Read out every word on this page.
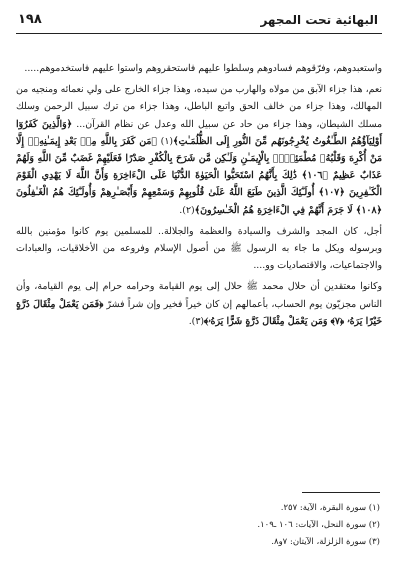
البهائية تحت المجهر
١٩٨

واستعبدوهم، وفرّقوهم فسادوهم وسلطوا عليهم فاستحقروهم واستوا عليهم فاستخدموهم.....

نعم، هذا جزاء الآبق من مولاه والهارب من سيده، وهذا جزاء الخارج على ولي نعمائه ومنجيه من المهالك، وهذا جزاء من خالف الحق واتبع الباطل، وهذا جزاء من ترك سبيل الرحمن وسلك مسلك الشيطان، وهذا جزاء من حاد عن سبيل الله وعدل عن نظام القرآن... ﴿وَالَّذِينَ كَفَرُوٓا أَوْلِيَآؤُهُمُ الطَّـٰغُوتُ يُخْرِجُونَهُم مِّنَ النُّورِ إِلَى الظُّلُمَـٰتِ﴾(١) ﴿مَن كَفَرَ بِاللَّهِ مِنۢ بَعْدِ إِيمَـٰنِهِۦٓ إِلَّا مَنْ أُكْرِهَ وَقَلْبُهُۥ مُطْمَئِنٌّۢ بِالْإِيمَـٰنِ وَلَـٰكِن مَّن شَرَحَ بِالْكُفْرِ صَدْرًا فَعَلَيْهِمْ غَضَبٌ مِّنَ اللَّهِ وَلَهُمْ عَذَابٌ عَظِيمٌ ﴿١٠٦﴾ ذَٰلِكَ بِأَنَّهُمُ اسْتَحَبُّوا الْحَيَوٰةَ الدُّنْيَا عَلَى الْءَاخِرَةِ وَأَنَّ اللَّهَ لَا يَهْدِي الْقَوْمَ الْكَـٰفِرِينَ ﴿١٠٧﴾ أُولَـٰٓئِكَ الَّذِينَ طَبَعَ اللَّهُ عَلَىٰ قُلُوبِهِمْ وَسَمْعِهِمْ وَأَبْصَـٰرِهِمْ وَأُولَـٰٓئِكَ هُمُ الْغَـٰفِلُونَ ﴿١٠٨﴾ لَا جَرَمَ أَنَّهُمْ فِي الْءَاخِرَةِ هُمُ الْخَـٰسِرُونَ﴾(٢).

أجل، كان المجد والشرف والسيادة والعظمة والجلالة.. للمسلمين يوم كانوا مؤمنين بالله وبرسوله ويكل ما جاء به الرسول ﷺ من أصول الإسلام وفروعه من الأخلاقيات، والعبادات والاجتماعيات، والاقتصاديات وو....

وكانوا معتقدين أن حلال محمد ﷺ حلال إلى يوم القيامة وحرامه حرام إلى يوم القيامة، وأن الناس مجزيّون يوم الحساب، بأعمالهم إن كان خيراً فخير وإن شراً فشرّ ﴿فَمَن يَعْمَلْ مِثْقَالَ ذَرَّةٍ خَيْرًا يَرَهُۥ ﴿٧﴾ وَمَن يَعْمَلْ مِثْقَالَ ذَرَّةٍ شَرًّا يَرَهُۥ﴾(٣).

(١) سورة البقرة، الآية: ٢٥٧.
(٢) سورة النحل، الآيات: ١٠٦ ـ١٠٩.
(٣) سورة الزلزلة، الآيتان: ٧و٨.
